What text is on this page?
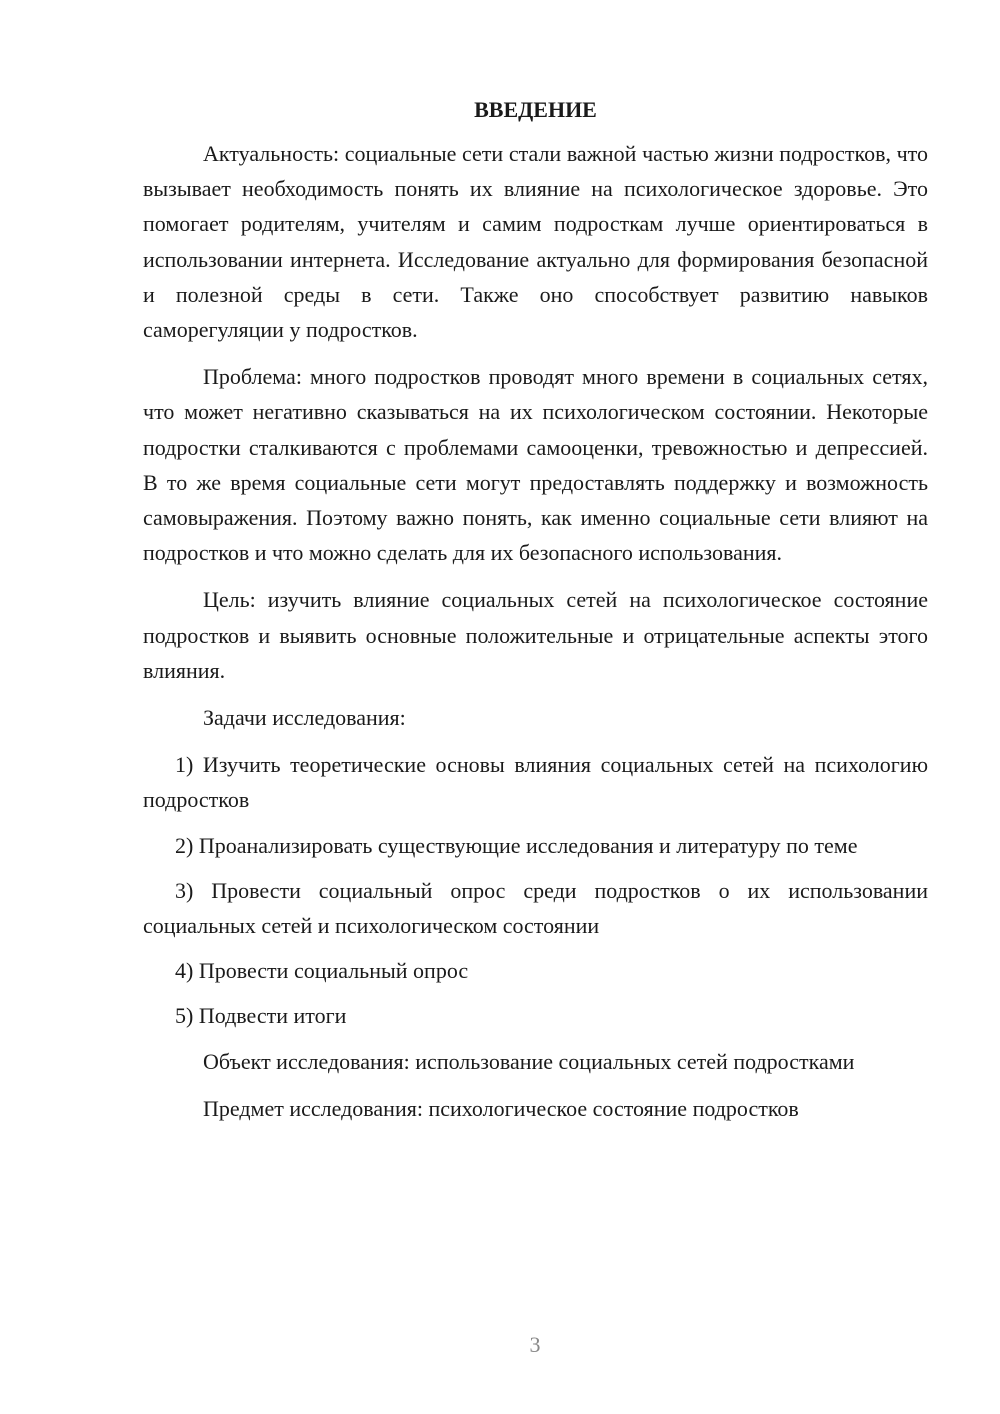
ВВЕДЕНИЕ

Актуальность: социальные сети стали важной частью жизни подростков, что вызывает необходимость понять их влияние на психологическое здоровье. Это помогает родителям, учителям и самим подросткам лучше ориентироваться в использовании интернета. Исследование актуально для формирования безопасной и полезной среды в сети. Также оно способствует развитию навыков саморегуляции у подростков.

Проблема: много подростков проводят много времени в социальных сетях, что может негативно сказываться на их психологическом состоянии. Некоторые подростки сталкиваются с проблемами самооценки, тревожностью и депрессией. В то же время социальные сети могут предоставлять поддержку и возможность самовыражения. Поэтому важно понять, как именно социальные сети влияют на подростков и что можно сделать для их безопасного использования.

Цель: изучить влияние социальных сетей на психологическое состояние подростков и выявить основные положительные и отрицательные аспекты этого влияния.

Задачи исследования:

1) Изучить теоретические основы влияния социальных сетей на психологию подростков

2) Проанализировать существующие исследования и литературу по теме

3) Провести социальный опрос среди подростков о их использовании социальных сетей и психологическом состоянии

4) Провести социальный опрос

5) Подвести итоги

Объект исследования: использование социальных сетей подростками

Предмет исследования: психологическое состояние подростков

3
